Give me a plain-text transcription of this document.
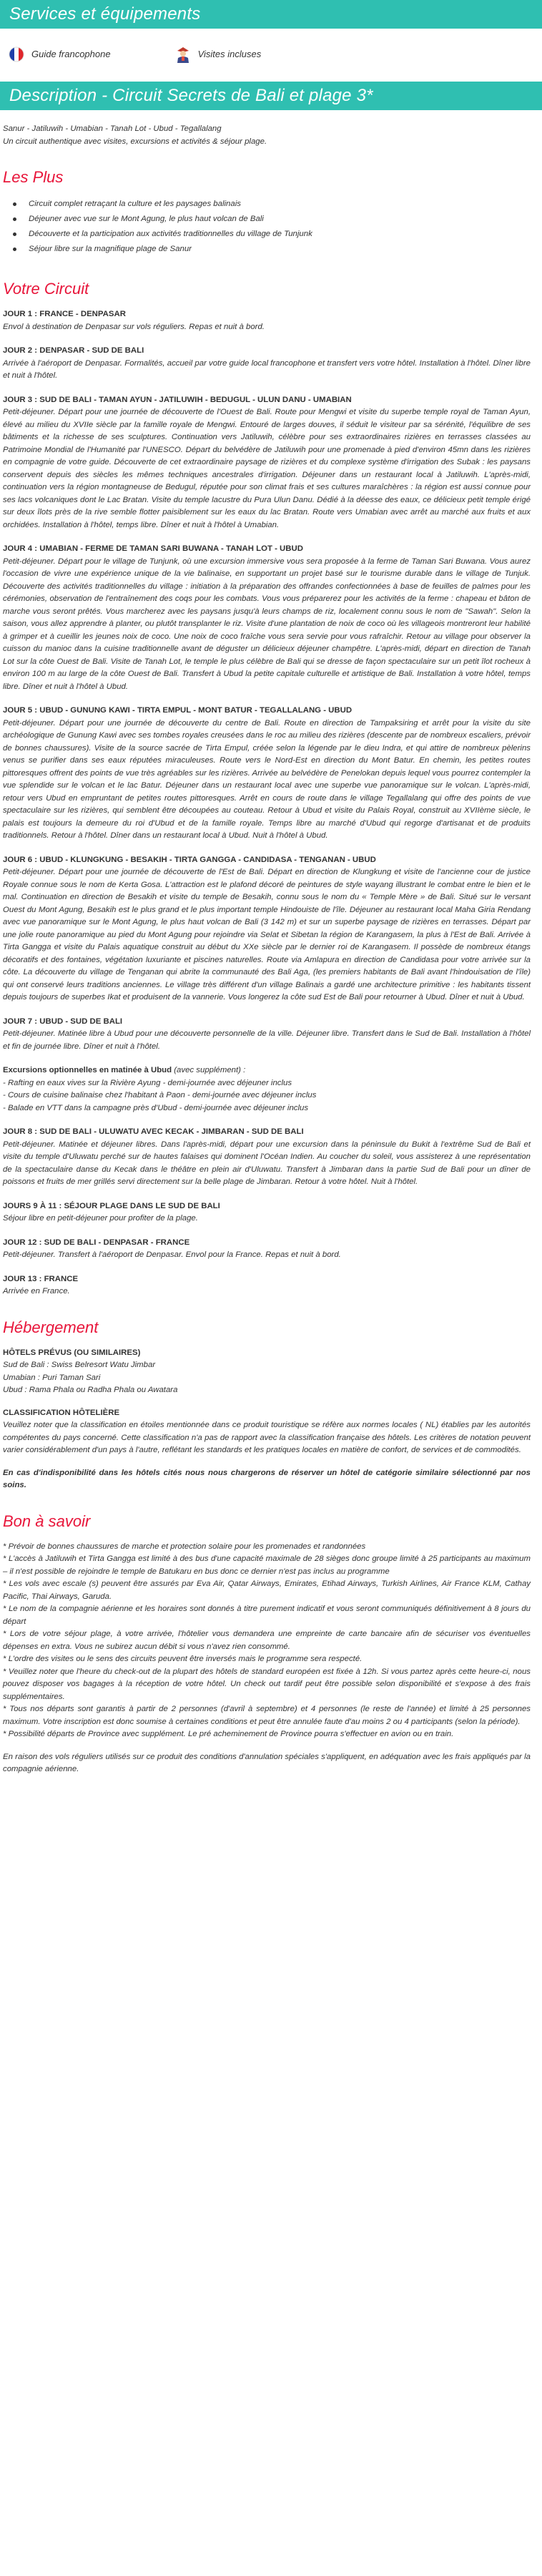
Services et équipements
Guide francophone	Visites incluses
Description - Circuit Secrets de Bali et plage 3*
Sanur - Jatiluwih - Umabian - Tanah Lot - Ubud - Tegallalang
Un circuit authentique avec visites, excursions et activités & séjour plage.
Les Plus
Circuit complet retraçant la culture et les paysages balinais
Déjeuner avec vue sur le Mont Agung, le plus haut volcan de Bali
Découverte et la participation aux activités traditionnelles du village de Tunjunk
Séjour libre sur la magnifique plage de Sanur
Votre Circuit
JOUR 1 : FRANCE - DENPASAR
Envol à destination de Denpasar sur vols réguliers. Repas et nuit à bord.
JOUR 2 : DENPASAR - SUD DE BALI
Arrivée à l'aéroport de Denpasar. Formalités, accueil par votre guide local francophone et transfert vers votre hôtel. Installation à l'hôtel. Dîner libre et nuit à l'hôtel.
JOUR 3 : SUD DE BALI - TAMAN AYUN - JATILUWIH - BEDUGUL - ULUN DANU - UMABIAN
Petit-déjeuner. Départ pour une journée de découverte de l'Ouest de Bali. Route pour Mengwi et visite du superbe temple royal de Taman Ayun, élevé au milieu du XVIIe siècle par la famille royale de Mengwi. Entouré de larges douves, il séduit le visiteur par sa sérénité, l'équilibre de ses bâtiments et la richesse de ses sculptures. Continuation vers Jatiluwih, célèbre pour ses extraordinaires rizières en terrasses classées au Patrimoine Mondial de l'Humanité par l'UNESCO. Départ du belvédère de Jatiluwih pour une promenade à pied d'environ 45mn dans les rizières en compagnie de votre guide. Découverte de cet extraordinaire paysage de rizières et du complexe système d'irrigation des Subak : les paysans conservent depuis des siècles les mêmes techniques ancestrales d'irrigation. Déjeuner dans un restaurant local à Jatiluwih. L'après-midi, continuation vers la région montagneuse de Bedugul, réputée pour son climat frais et ses cultures maraîchères : la région est aussi connue pour ses lacs volcaniques dont le Lac Bratan. Visite du temple lacustre du Pura Ulun Danu. Dédié à la déesse des eaux, ce délicieux petit temple érigé sur deux îlots près de la rive semble flotter paisiblement sur les eaux du lac Bratan. Route vers Umabian avec arrêt au marché aux fruits et aux orchidées. Installation à l'hôtel, temps libre. Dîner et nuit à l'hôtel à Umabian.
JOUR 4 : UMABIAN - FERME DE TAMAN SARI BUWANA - TANAH LOT - UBUD
Petit-déjeuner. Départ pour le village de Tunjunk, où une excursion immersive vous sera proposée à la ferme de Taman Sari Buwana. Vous aurez l'occasion de vivre une expérience unique de la vie balinaise, en supportant un projet basé sur le tourisme durable dans le village de Tunjuk. Découverte des activités traditionnelles du village : initiation à la préparation des offrandes confectionnées à base de feuilles de palmes pour les cérémonies, observation de l'entraînement des coqs pour les combats. Vous vous préparerez pour les activités de la ferme : chapeau et bâton de marche vous seront prêtés. Vous marcherez avec les paysans jusqu'à leurs champs de riz, localement connu sous le nom de "Sawah". Selon la saison, vous allez apprendre à planter, ou plutôt transplanter le riz. Visite d'une plantation de noix de coco où les villageois montreront leur habilité à grimper et à cueillir les jeunes noix de coco. Une noix de coco fraîche vous sera servie pour vous rafraîchir. Retour au village pour observer la cuisson du manioc dans la cuisine traditionnelle avant de déguster un délicieux déjeuner champêtre. L'après-midi, départ en direction de Tanah Lot sur la côte Ouest de Bali. Visite de Tanah Lot, le temple le plus célèbre de Bali qui se dresse de façon spectaculaire sur un petit îlot rocheux à environ 100 m au large de la côte Ouest de Bali. Transfert à Ubud la petite capitale culturelle et artistique de Bali. Installation à votre hôtel, temps libre. Dîner et nuit à l'hôtel à Ubud.
JOUR 5 : UBUD - GUNUNG KAWI - TIRTA EMPUL - MONT BATUR - TEGALLALANG - UBUD
Petit-déjeuner. Départ pour une journée de découverte du centre de Bali. Route en direction de Tampaksiring et arrêt pour la visite du site archéologique de Gunung Kawi avec ses tombes royales creusées dans le roc au milieu des rizières (descente par de nombreux escaliers, prévoir de bonnes chaussures). Visite de la source sacrée de Tirta Empul, créée selon la légende par le dieu Indra, et qui attire de nombreux pèlerins venus se purifier dans ses eaux réputées miraculeuses. Route vers le Nord-Est en direction du Mont Batur. En chemin, les petites routes pittoresques offrent des points de vue très agréables sur les rizières. Arrivée au belvédère de Penelokan depuis lequel vous pourrez contempler la vue splendide sur le volcan et le lac Batur. Déjeuner dans un restaurant local avec une superbe vue panoramique sur le volcan. L'après-midi, retour vers Ubud en empruntant de petites routes pittoresques. Arrêt en cours de route dans le village Tegallalang qui offre des points de vue spectaculaire sur les rizières, qui semblent être découpées au couteau. Retour à Ubud et visite du Palais Royal, construit au XVIIème siècle, le palais est toujours la demeure du roi d'Ubud et de la famille royale. Temps libre au marché d'Ubud qui regorge d'artisanat et de produits traditionnels. Retour à l'hôtel. Dîner dans un restaurant local à Ubud. Nuit à l'hôtel à Ubud.
JOUR 6 : UBUD - KLUNGKUNG - BESAKIH - TIRTA GANGGA - CANDIDASA - TENGANAN - UBUD
Petit-déjeuner. Départ pour une journée de découverte de l'Est de Bali. Départ en direction de Klungkung et visite de l'ancienne cour de justice Royale connue sous le nom de Kerta Gosa. L'attraction est le plafond décoré de peintures de style wayang illustrant le combat entre le bien et le mal. Continuation en direction de Besakih et visite du temple de Besakih, connu sous le nom du « Temple Mère » de Bali. Situé sur le versant Ouest du Mont Agung, Besakih est le plus grand et le plus important temple Hindouiste de l'île. Déjeuner au restaurant local Maha Giria Rendang avec vue panoramique sur le Mont Agung, le plus haut volcan de Bali (3 142 m) et sur un superbe paysage de rizières en terrasses. Départ par une jolie route panoramique au pied du Mont Agung pour rejoindre via Selat et Sibetan la région de Karangasem, la plus à l'Est de Bali. Arrivée à Tirta Gangga et visite du Palais aquatique construit au début du XXe siècle par le dernier roi de Karangasem. Il possède de nombreux étangs décoratifs et des fontaines, végétation luxuriante et piscines naturelles. Route via Amlapura en direction de Candidasa pour votre arrivée sur la côte. La découverte du village de Tenganan qui abrite la communauté des Bali Aga, (les premiers habitants de Bali avant l'hindouisation de l'île) qui ont conservé leurs traditions anciennes. Le village très différent d'un village Balinais a gardé une architecture primitive : les habitants tissent depuis toujours de superbes Ikat et produisent de la vannerie. Vous longerez la côte sud Est de Bali pour retourner à Ubud. Dîner et nuit à Ubud.
JOUR 7 : UBUD - SUD DE BALI
Petit-déjeuner. Matinée libre à Ubud pour une découverte personnelle de la ville. Déjeuner libre. Transfert dans le Sud de Bali. Installation à l'hôtel et fin de journée libre. Dîner et nuit à l'hôtel.
Excursions optionnelles en matinée à Ubud (avec supplément) :
- Rafting en eaux vives sur la Rivière Ayung - demi-journée avec déjeuner inclus
- Cours de cuisine balinaise chez l'habitant à Paon - demi-journée avec déjeuner inclus
- Balade en VTT dans la campagne près d'Ubud - demi-journée avec déjeuner inclus
JOUR 8 : SUD DE BALI - ULUWATU AVEC KECAK - JIMBARAN - SUD DE BALI
Petit-déjeuner. Matinée et déjeuner libres. Dans l'après-midi, départ pour une excursion dans la péninsule du Bukit à l'extrême Sud de Bali et visite du temple d'Uluwatu perché sur de hautes falaises qui dominent l'Océan Indien. Au coucher du soleil, vous assisterez à une représentation de la spectaculaire danse du Kecak dans le théâtre en plein air d'Uluwatu. Transfert à Jimbaran dans la partie Sud de Bali pour un dîner de poissons et fruits de mer grillés servi directement sur la belle plage de Jimbaran. Retour à votre hôtel. Nuit à l'hôtel.
JOURS 9 À 11 : SÉJOUR PLAGE DANS LE SUD DE BALI
Séjour libre en petit-déjeuner pour profiter de la plage.
JOUR 12 : SUD DE BALI - DENPASAR - FRANCE
Petit-déjeuner. Transfert à l'aéroport de Denpasar. Envol pour la France. Repas et nuit à bord.
JOUR 13 : FRANCE
Arrivée en France.
Hébergement
HÔTELS PRÉVUS (OU SIMILAIRES)
Sud de Bali : Swiss Belresort Watu Jimbar
Umabian : Puri Taman Sari
Ubud : Rama Phala ou Radha Phala ou Awatara
CLASSIFICATION HÔTELIÈRE
Veuillez noter que la classification en étoiles mentionnée dans ce produit touristique se réfère aux normes locales ( NL) établies par les autorités compétentes du pays concerné. Cette classification n'a pas de rapport avec la classification française des hôtels. Les critères de notation peuvent varier considérablement d'un pays à l'autre, reflétant les standards et les pratiques locales en matière de confort, de services et de commodités.
En cas d'indisponibilité dans les hôtels cités nous nous chargerons de réserver un hôtel de catégorie similaire sélectionné par nos soins.
Bon à savoir
* Prévoir de bonnes chaussures de marche et protection solaire pour les promenades et randonnées
* L'accès à Jatiluwih et Tirta Gangga est limité à des bus d'une capacité maximale de 28 sièges donc groupe limité à 25 participants au maximum – il n'est possible de rejoindre le temple de Batukaru en bus donc ce dernier n'est pas inclus au programme
* Les vols avec escale (s) peuvent être assurés par Eva Air, Qatar Airways, Emirates, Etihad Airways, Turkish Airlines, Air France KLM, Cathay Pacific, Thai Airways, Garuda.
* Le nom de la compagnie aérienne et les horaires sont donnés à titre purement indicatif et vous seront communiqués définitivement à 8 jours du départ
* Lors de votre séjour plage, à votre arrivée, l'hôtelier vous demandera une empreinte de carte bancaire afin de sécuriser vos éventuelles dépenses en extra. Vous ne subirez aucun débit si vous n'avez rien consommé.
* L'ordre des visites ou le sens des circuits peuvent être inversés mais le programme sera respecté.
* Veuillez noter que l'heure du check-out de la plupart des hôtels de standard européen est fixée à 12h. Si vous partez après cette heure-ci, nous pouvez disposer vos bagages à la réception de votre hôtel. Un check out tardif peut être possible selon disponibilité et s'expose à des frais supplémentaires.
* Tous nos départs sont garantis à partir de 2 personnes (d'avril à septembre) et 4 personnes (le reste de l'année) et limité à 25 personnes maximum. Votre inscription est donc soumise à certaines conditions et peut être annulée faute d'au moins 2 ou 4 participants (selon la période).
* Possibilité départs de Province avec supplément. Le pré acheminement de Province pourra s'effectuer en avion ou en train.
En raison des vols réguliers utilisés sur ce produit des conditions d'annulation spéciales s'appliquent, en adéquation avec les frais appliqués par la compagnie aérienne.
